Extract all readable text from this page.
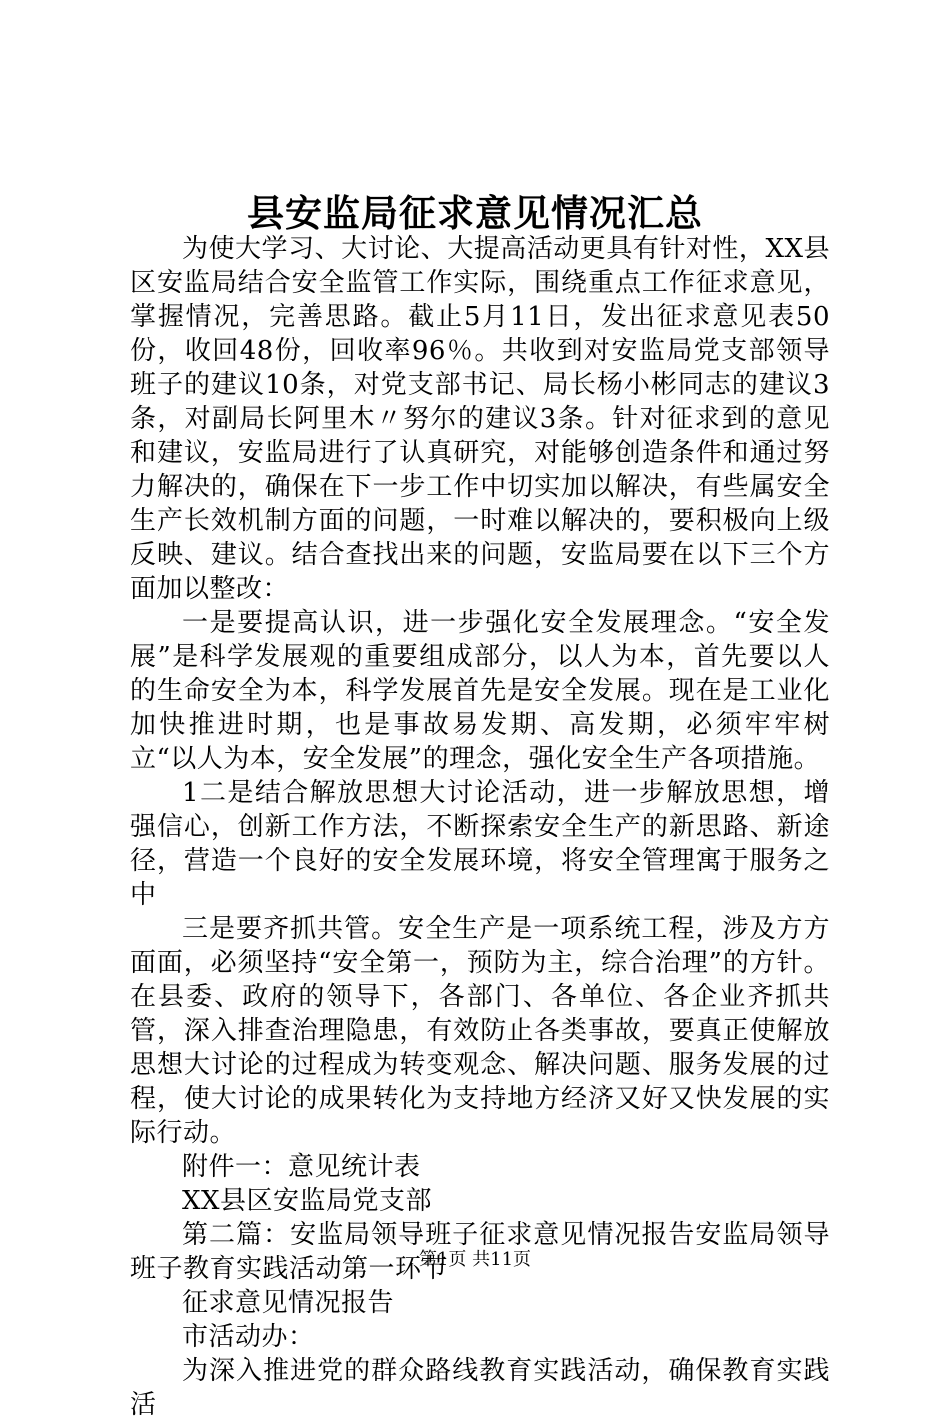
县安监局征求意见情况汇总

为使大学习、大讨论、大提高活动更具有针对性，XX县区安监局结合安全监管工作实际，围绕重点工作征求意见，掌握情况，完善思路。截止5月11日，发出征求意见表50份，收回48份，回收率96％。共收到对安监局党支部领导班子的建议10条，对党支部书记、局长杨小彬同志的建议3条，对副局长阿里木〃努尔的建议3条。针对征求到的意见和建议，安监局进行了认真研究，对能够创造条件和通过努力解决的，确保在下一步工作中切实加以解决，有些属安全生产长效机制方面的问题，一时难以解决的，要积极向上级反映、建议。结合查找出来的问题，安监局要在以下三个方面加以整改：

一是要提高认识，进一步强化安全发展理念。“安全发展”是科学发展观的重要组成部分，以人为本，首先要以人的生命安全为本，科学发展首先是安全发展。现在是工业化加快推进时期，也是事故易发期、高发期，必须牢牢树立“以人为本，安全发展”的理念，强化安全生产各项措施。

1二是结合解放思想大讨论活动，进一步解放思想，增强信心，创新工作方法，不断探索安全生产的新思路、新途径，营造一个良好的安全发展环境，将安全管理寓于服务之中

三是要齐抓共管。安全生产是一项系统工程，涉及方方面面，必须坚持“安全第一，预防为主，综合治理”的方针。在县委、政府的领导下，各部门、各单位、各企业齐抓共管，深入排查治理隐患，有效防止各类事故，要真正使解放思想大讨论的过程成为转变观念、解决问题、服务发展的过程，使大讨论的成果转化为支持地方经济又好又快发展的实际行动。

附件一：意见统计表

XX县区安监局党支部

第二篇：安监局领导班子征求意见情况报告安监局领导班子教育实践活动第一环节

征求意见情况报告

市活动办：

为深入推进党的群众路线教育实践活动，确保教育实践活

第1页 共11页
